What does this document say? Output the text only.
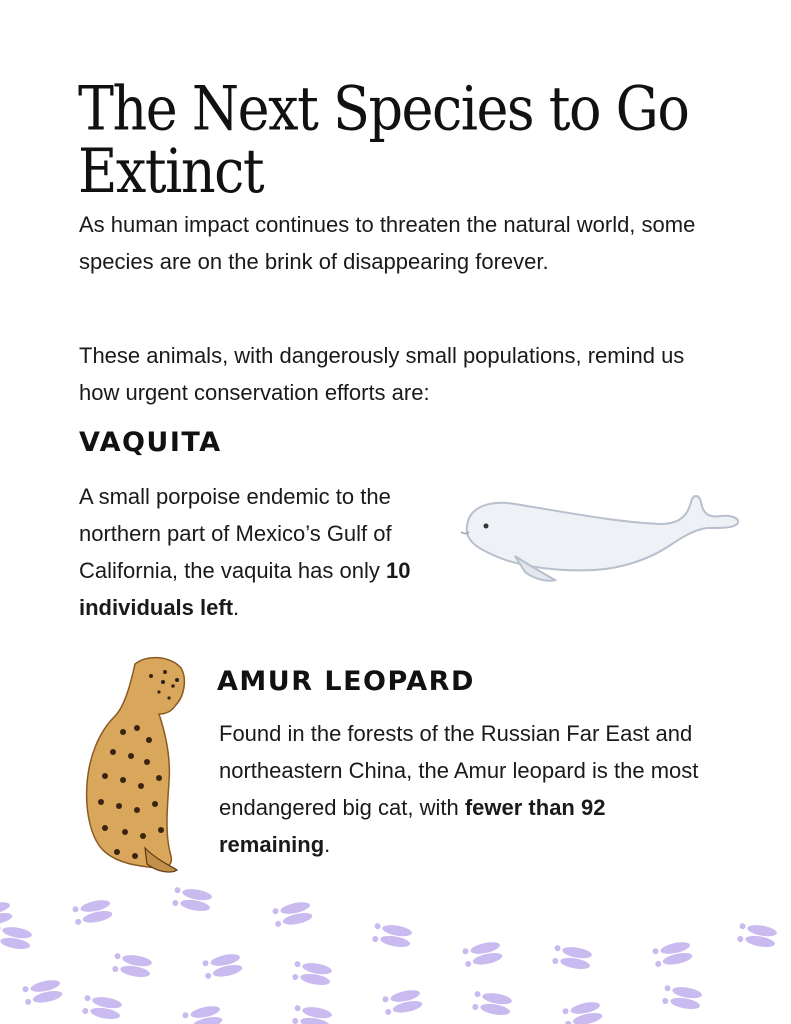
The Next Species to Go Extinct

As human impact continues to threaten the natural world, some species are on the brink of disappearing forever.

These animals, with dangerously small populations, remind us how urgent conservation efforts are:

VAQUITA

A small porpoise endemic to the northern part of Mexico’s Gulf of California, the vaquita has only 10 individuals left.

AMUR LEOPARD

Found in the forests of the Russian Far East and northeastern China, the Amur leopard is the most endangered big cat, with fewer than 92 remaining.
